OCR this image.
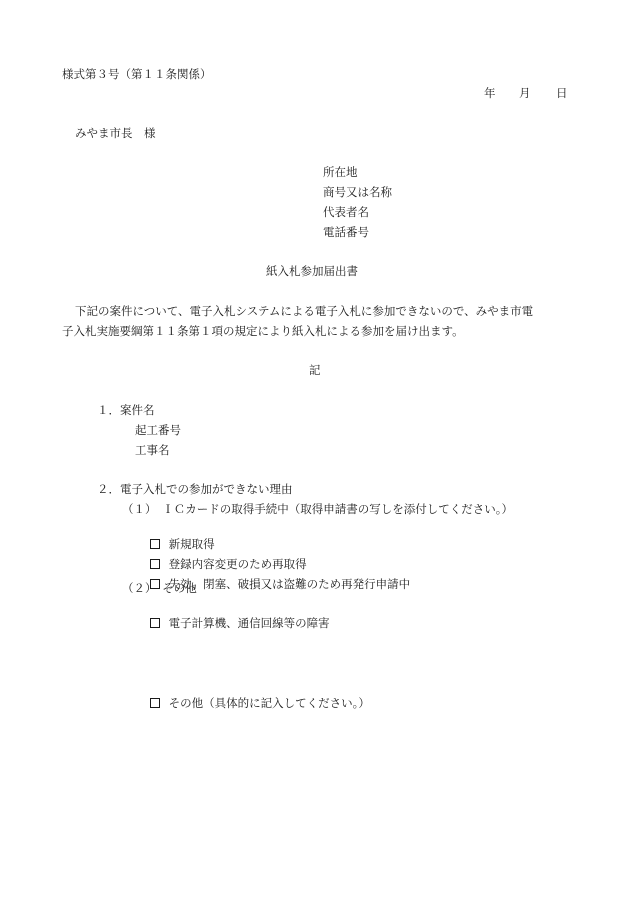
様式第３号（第１１条関係）
年 月 日
みやま市長　様
所在地
商号又は名称
代表者名
電話番号
紙入札参加届出書
下記の案件について、電子入札システムによる電子入札に参加できないので、みやま市電
子入札実施要綱第１１条第１項の規定により紙入札による参加を届け出ます。
記
１．案件名
起工番号
工事名
２．電子入札での参加ができない理由
（１）　ＩＣカードの取得手続中（取得申請書の写しを添付してください。）

新規取得

登録内容変更のため再取得

失効、閉塞、破損又は盗難のため再発行申請中

（２）　その他

電子計算機、通信回線等の障害

その他（具体的に記入してください。）
